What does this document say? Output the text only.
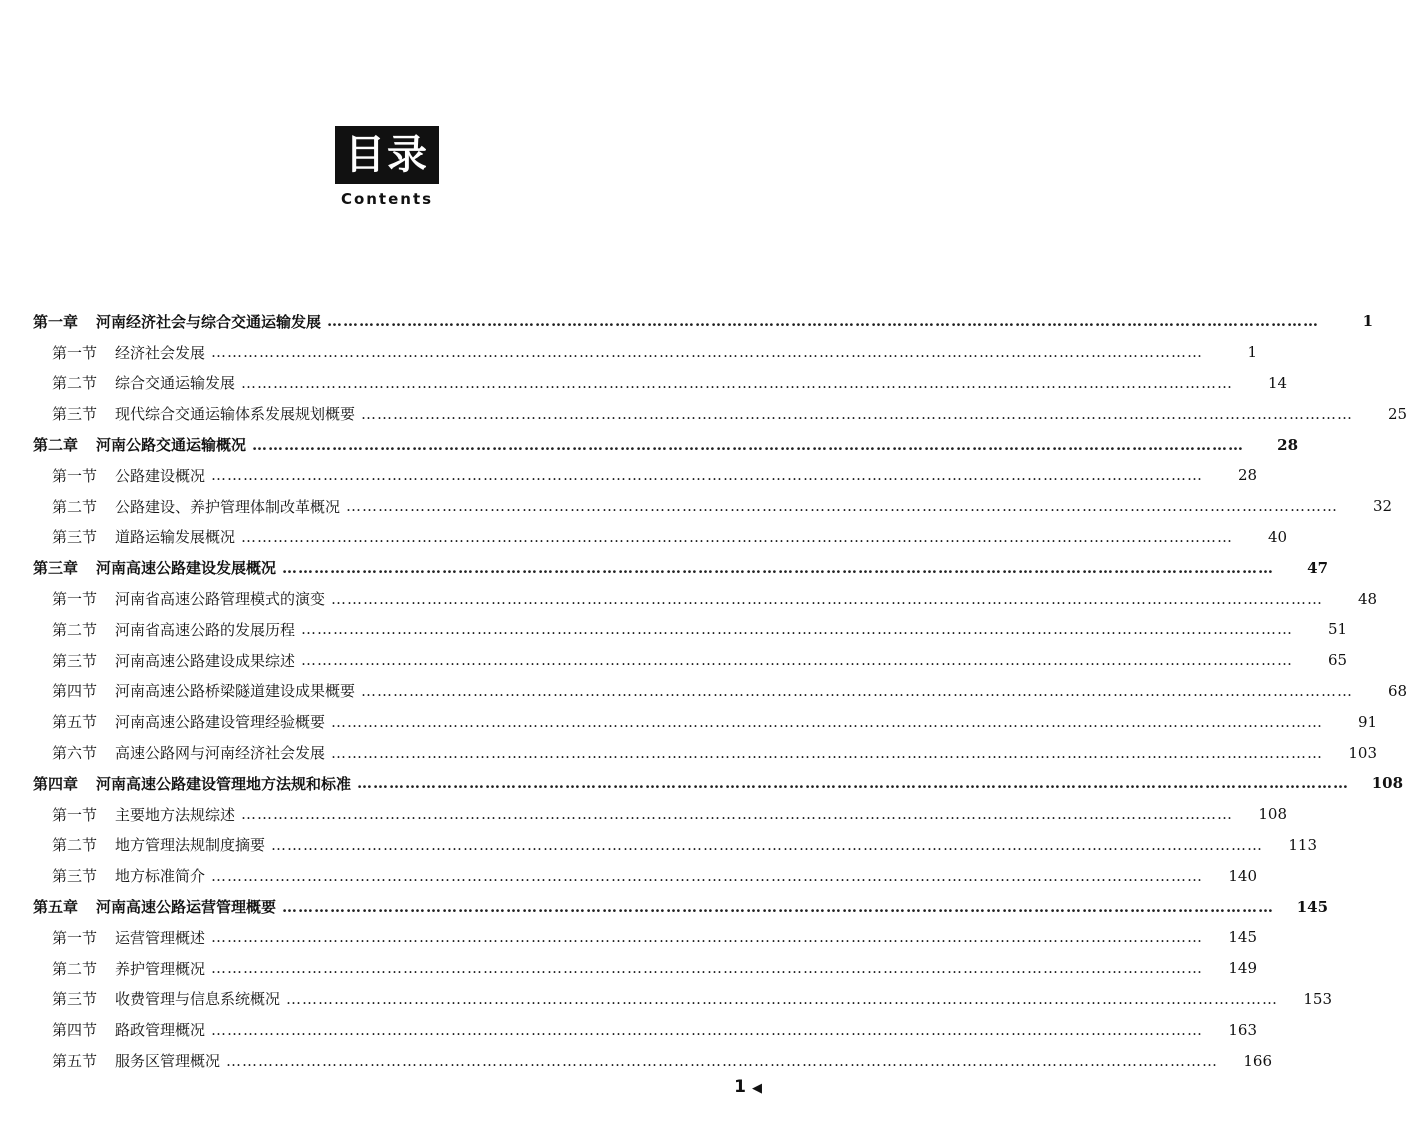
目录
Contents
第一章 河南经济社会与综合交通运输发展 ……………………………………………………………………………………………………………………………………………………………………	1
第一节 经济社会发展 ……………………………………………………………………………………………………………………………………………………………………	1
第二节 综合交通运输发展 ……………………………………………………………………………………………………………………………………………………………………	14
第三节 现代综合交通运输体系发展规划概要 ……………………………………………………………………………………………………………………………………………………………………	25
第二章 河南公路交通运输概况 ……………………………………………………………………………………………………………………………………………………………………	28
第一节 公路建设概况 ……………………………………………………………………………………………………………………………………………………………………	28
第二节 公路建设、养护管理体制改革概况 ……………………………………………………………………………………………………………………………………………………………………	32
第三节 道路运输发展概况 ……………………………………………………………………………………………………………………………………………………………………	40
第三章 河南高速公路建设发展概况 ……………………………………………………………………………………………………………………………………………………………………	47
第一节 河南省高速公路管理模式的演变 ……………………………………………………………………………………………………………………………………………………………………	48
第二节 河南省高速公路的发展历程 ……………………………………………………………………………………………………………………………………………………………………	51
第三节 河南高速公路建设成果综述 ……………………………………………………………………………………………………………………………………………………………………	65
第四节 河南高速公路桥梁隧道建设成果概要 ……………………………………………………………………………………………………………………………………………………………………	68
第五节 河南高速公路建设管理经验概要 ……………………………………………………………………………………………………………………………………………………………………	91
第六节 高速公路网与河南经济社会发展 ……………………………………………………………………………………………………………………………………………………………………	103
第四章 河南高速公路建设管理地方法规和标准 ……………………………………………………………………………………………………………………………………………………………………	108
第一节 主要地方法规综述 ……………………………………………………………………………………………………………………………………………………………………	108
第二节 地方管理法规制度摘要 ……………………………………………………………………………………………………………………………………………………………………	113
第三节 地方标准简介 ……………………………………………………………………………………………………………………………………………………………………	140
第五章 河南高速公路运营管理概要 ……………………………………………………………………………………………………………………………………………………………………	145
第一节 运营管理概述 ……………………………………………………………………………………………………………………………………………………………………	145
第二节 养护管理概况 ……………………………………………………………………………………………………………………………………………………………………	149
第三节 收费管理与信息系统概况 ……………………………………………………………………………………………………………………………………………………………………	153
第四节 路政管理概况 ……………………………………………………………………………………………………………………………………………………………………	163
第五节 服务区管理概况 ……………………………………………………………………………………………………………………………………………………………………	166
1 ◀
